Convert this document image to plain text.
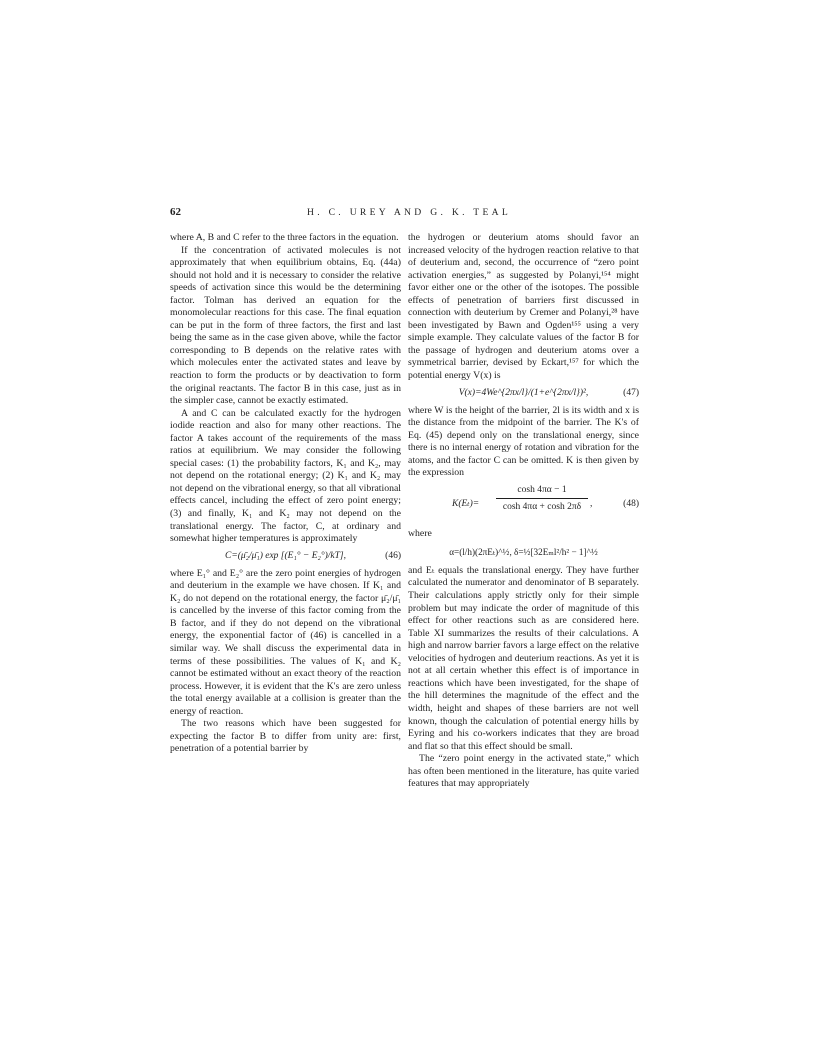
62	H. C. UREY AND G. K. TEAL

where A, B and C refer to the three factors in the equation.

If the concentration of activated molecules is not approximately that when equilibrium obtains, Eq. (44a) should not hold and it is necessary to consider the relative speeds of activation since this would be the determining factor. Tolman has derived an equation for the monomolecular reactions for this case. The final equation can be put in the form of three factors, the first and last being the same as in the case given above, while the factor corresponding to B depends on the relative rates with which molecules enter the activated states and leave by reaction to form the products or by deactivation to form the original reactants. The factor B in this case, just as in the simpler case, cannot be exactly estimated.

A and C can be calculated exactly for the hydrogen iodide reaction and also for many other reactions. The factor A takes account of the requirements of the mass ratios at equilibrium. We may consider the following special cases: (1) the probability factors, K₁ and K₂, may not depend on the rotational energy; (2) K₁ and K₂ may not depend on the vibrational energy, so that all vibrational effects cancel, including the effect of zero point energy; (3) and finally, K₁ and K₂ may not depend on the translational energy. The factor, C, at ordinary and somewhat higher temperatures is approximately

C=(μ̄₂/μ̄₁) exp [(E₁° − E₂°)/kT],	(46)

where E₁° and E₂° are the zero point energies of hydrogen and deuterium in the example we have chosen. If K₁ and K₂ do not depend on the rotational energy, the factor μ̄₂/μ̄₁ is cancelled by the inverse of this factor coming from the B factor, and if they do not depend on the vibrational energy, the exponential factor of (46) is cancelled in a similar way. We shall discuss the experimental data in terms of these possibilities. The values of K₁ and K₂ cannot be estimated without an exact theory of the reaction process. However, it is evident that the K's are zero unless the total energy available at a collision is greater than the energy of reaction.

The two reasons which have been suggested for expecting the factor B to differ from unity are: first, penetration of a potential barrier by

the hydrogen or deuterium atoms should favor an increased velocity of the hydrogen reaction relative to that of deuterium and, second, the occurrence of “zero point activation energies,” as suggested by Polanyi,¹⁵⁴ might favor either one or the other of the isotopes. The possible effects of penetration of barriers first discussed in connection with deuterium by Cremer and Polanyi,²⁸ have been investigated by Bawn and Ogden¹⁵⁵ using a very simple example. They calculate values of the factor B for the passage of hydrogen and deuterium atoms over a symmetrical barrier, devised by Eckart,¹⁵⁷ for which the potential energy V(x) is

V(x)=4We^{2πx/l}/(1+e^{2πx/l})²,	(47)

where W is the height of the barrier, 2l is its width and x is the distance from the midpoint of the barrier. The K's of Eq. (45) depend only on the translational energy, since there is no internal energy of rotation and vibration for the atoms, and the factor C can be omitted. K is then given by the expression

K(Eₜ)=
cosh 4πα − 1
cosh 4πα + cosh 2πδ ,	(48)

where

α=(l/h)(2πEₜ)^½, δ=½[32Eₘl²/h² − 1]^½

and Eₜ equals the translational energy. They have further calculated the numerator and denominator of B separately. Their calculations apply strictly only for their simple problem but may indicate the order of magnitude of this effect for other reactions such as are considered here. Table XI summarizes the results of their calculations. A high and narrow barrier favors a large effect on the relative velocities of hydrogen and deuterium reactions. As yet it is not at all certain whether this effect is of importance in reactions which have been investigated, for the shape of the hill determines the magnitude of the effect and the width, height and shapes of these barriers are not well known, though the calculation of potential energy hills by Eyring and his co-workers indicates that they are broad and flat so that this effect should be small.

The “zero point energy in the activated state,” which has often been mentioned in the literature, has quite varied features that may appropriately
